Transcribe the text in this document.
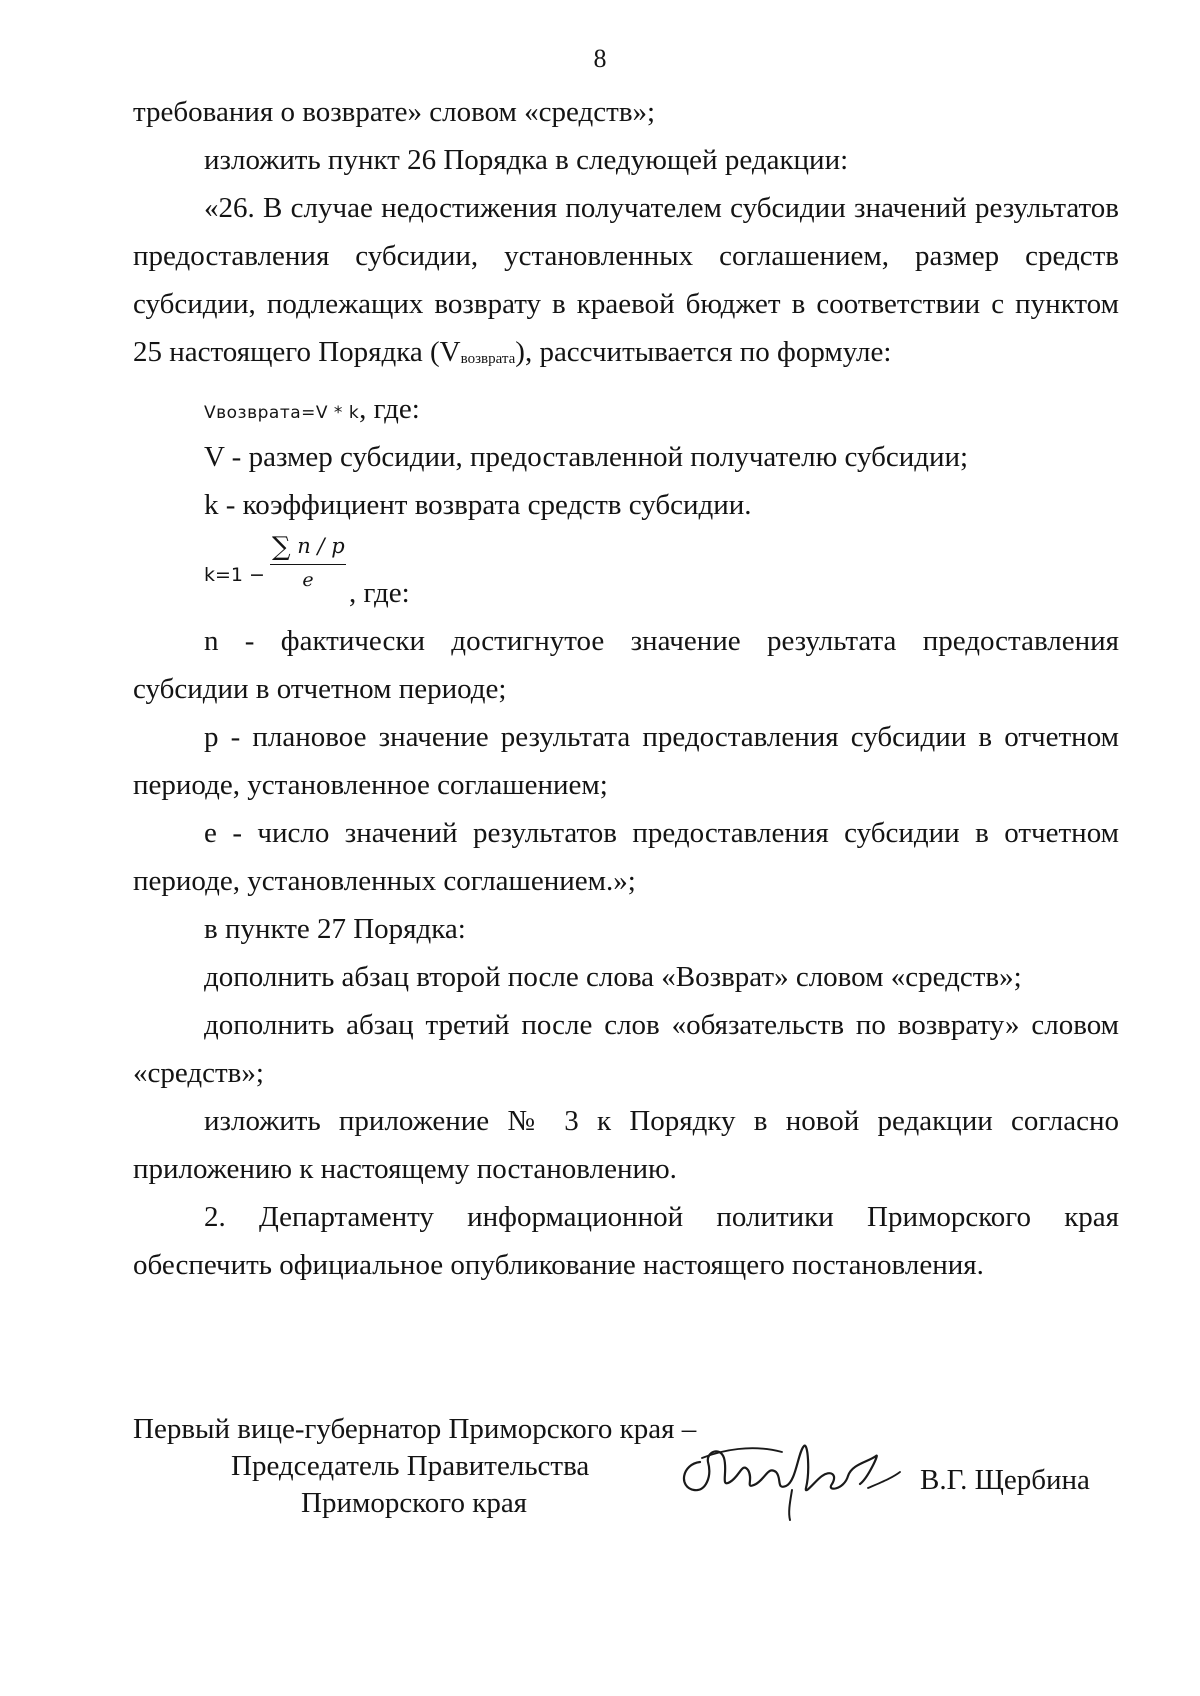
8

требования о возврате» словом «средств»;

изложить пункт 26 Порядка в следующей редакции:

«26. В случае недостижения получателем субсидии значений результатов предоставления субсидии, установленных соглашением, размер средств субсидии, подлежащих возврату в краевой бюджет в соответствии с пунктом 25 настоящего Порядка (Vвозврата), рассчитывается по формуле:

Vвозврата=V * k, где:

V - размер субсидии, предоставленной получателю субсидии;

k - коэффициент возврата средств субсидии.

$k=1 - \frac{\sum n / p}{e}$ , где:

n - фактически достигнутое значение результата предоставления субсидии в отчетном периоде;

p - плановое значение результата предоставления субсидии в отчетном периоде, установленное соглашением;

e - число значений результатов предоставления субсидии в отчетном периоде, установленных соглашением.»;

в пункте 27 Порядка:

дополнить абзац второй после слова «Возврат» словом «средств»;

дополнить абзац третий после слов «обязательств по возврату» словом «средств»;

изложить приложение № 3 к Порядку в новой редакции согласно приложению к настоящему постановлению.

2. Департаменту информационной политики Приморского края обеспечить официальное опубликование настоящего постановления.

Первый вице-губернатор Приморского края –
Председатель Правительства
Приморского края
В.Г. Щербина
